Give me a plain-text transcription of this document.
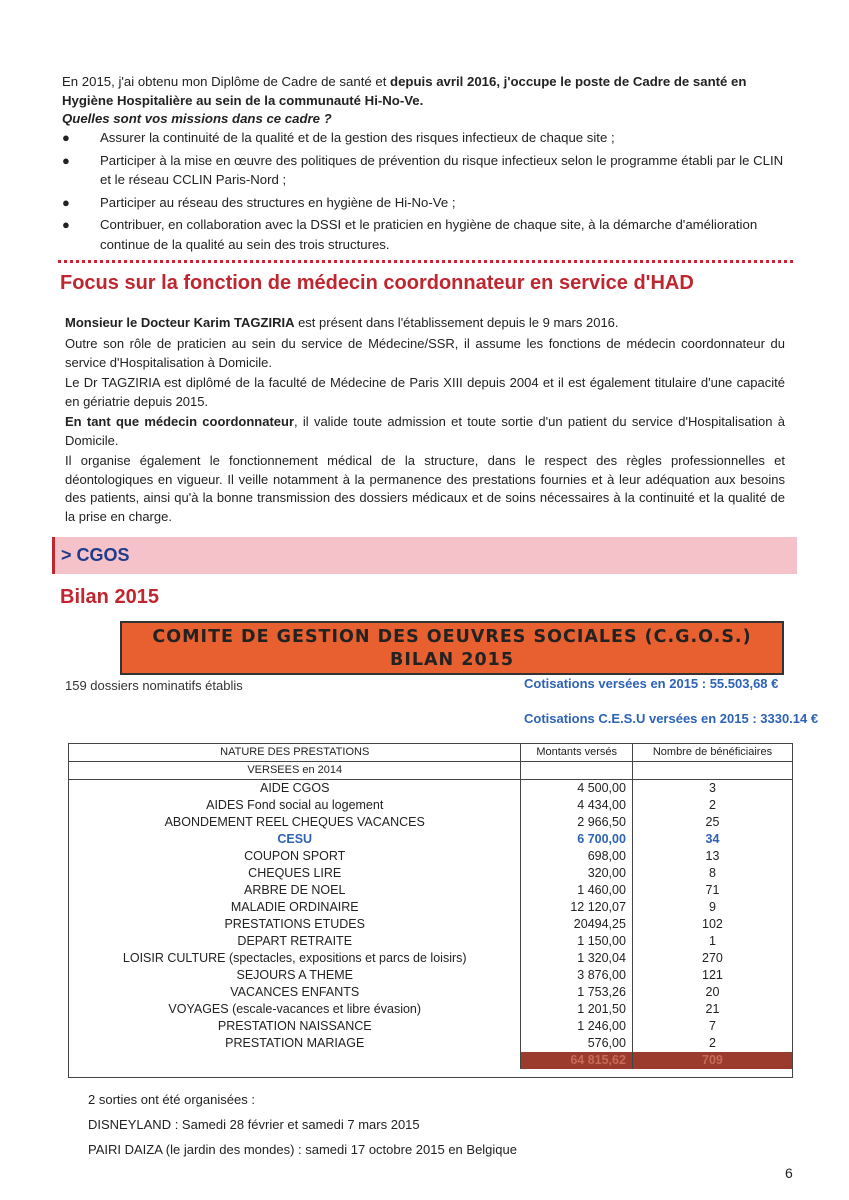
En 2015, j'ai obtenu mon Diplôme de Cadre de santé et depuis avril 2016, j'occupe le poste de Cadre de santé en Hygiène Hospitalière au sein de la communauté Hi-No-Ve.

Quelles sont vos missions dans ce cadre ?

● Assurer la continuité de la qualité et de la gestion des risques infectieux de chaque site ;
● Participer à la mise en œuvre des politiques de prévention du risque infectieux selon le programme établi par le CLIN et le réseau CCLIN Paris-Nord ;
● Participer au réseau des structures en hygiène de Hi-No-Ve ;
● Contribuer, en collaboration avec la DSSI et le praticien en hygiène de chaque site, à la démarche d'amélioration continue de la qualité au sein des trois structures.
Focus sur la fonction de médecin coordonnateur en service d'HAD

Monsieur le Docteur Karim TAGZIRIA est présent dans l'établissement depuis le 9 mars 2016.

Outre son rôle de praticien au sein du service de Médecine/SSR, il assume les fonctions de médecin coordonnateur du service d'Hospitalisation à Domicile.

Le Dr TAGZIRIA est diplômé de la faculté de Médecine de Paris XIII depuis 2004 et il est également titulaire d'une capacité en gériatrie depuis 2015.

En tant que médecin coordonnateur, il valide toute admission et toute sortie d'un patient du service d'Hospitalisation à Domicile.

Il organise également le fonctionnement médical de la structure, dans le respect des règles professionnelles et déontologiques en vigueur. Il veille notamment à la permanence des prestations fournies et à leur adéquation aux besoins des patients, ainsi qu'à la bonne transmission des dossiers médicaux et de soins nécessaires à la continuité et la qualité de la prise en charge.

> CGOS
Bilan 2015
COMITE DE GESTION DES OEUVRES SOCIALES (C.G.O.S.)
BILAN 2015
159 dossiers nominatifs établis	Cotisations versées en 2015 : 55.503,68 €
Cotisations C.E.S.U versées en 2015 : 3330.14 €
NATURE DES PRESTATIONS	Montants versés	Nombre de bénéficiaires
VERSEES en 2014		
AIDE CGOS	4 500,00	3
AIDES Fond social au logement	4 434,00	2
ABONDEMENT REEL CHEQUES VACANCES	2 966,50	25
CESU	6 700,00	34
COUPON SPORT	698,00	13
CHEQUES LIRE	320,00	8
ARBRE DE NOEL	1 460,00	71
MALADIE ORDINAIRE	12 120,07	9
PRESTATIONS ETUDES	20494,25	102
DEPART RETRAITE	1 150,00	1
LOISIR CULTURE (spectacles, expositions et parcs de loisirs)	1 320,04	270
SEJOURS A THEME	3 876,00	121
VACANCES ENFANTS	1 753,26	20
VOYAGES (escale-vacances et libre évasion)	1 201,50	21
PRESTATION NAISSANCE	1 246,00	7
PRESTATION MARIAGE	576,00	2
	64 815,62	709

2 sorties ont été organisées :

DISNEYLAND : Samedi 28 février et samedi 7 mars 2015

PAIRI DAIZA (le jardin des mondes) : samedi 17 octobre 2015 en Belgique

6
